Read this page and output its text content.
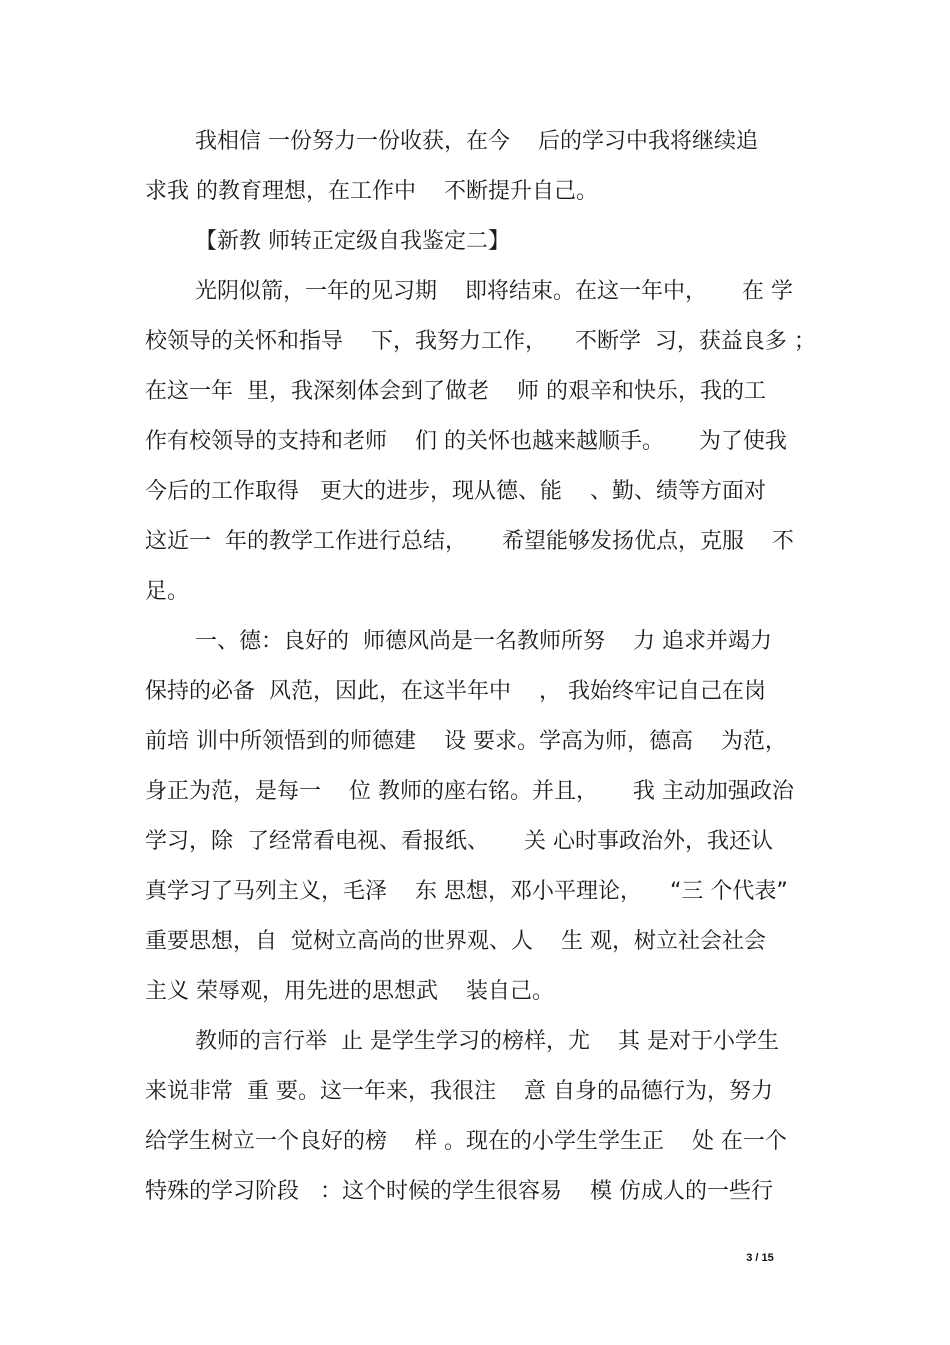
我相信 一份努力一份收获，在今    后的学习中我将继续追
求我 的教育理想，在工作中    不断提升自己。
【新教 师转正定级自我鉴定二】
光阴似箭，一年的见习期    即将结束。在这一年中，     在 学
校领导的关怀和指导    下，我努力工作，    不断学  习，获益良多 ；
在这一年  里，我深刻体会到了做老    师 的艰辛和快乐，我的工
作有校领导的支持和老师    们 的关怀也越来越顺手。     为了使我
今后的工作取得   更大的进步，现从德、能    、勤、绩等方面对
这近一  年的教学工作进行总结，     希望能够发扬优点，克服    不
足。
一、德：良好的  师德风尚是一名教师所努    力 追求并竭力
保持的必备  风范，因此，在这半年中    ， 我始终牢记自己在岗
前培 训中所领悟到的师德建    设 要求。学高为师，德高    为范，
身正为范，是每一    位 教师的座右铭。并且，     我 主动加强政治
学习，除  了经常看电视、看报纸、     关 心时事政治外，我还认
真学习了马列主义，毛泽    东 思想，邓小平理论，    “三 个代表”
重要思想，自  觉树立高尚的世界观、人    生 观，树立社会社会
主义 荣辱观，用先进的思想武    装自己。
教师的言行举  止 是学生学习的榜样，尤    其 是对于小学生
来说非常  重 要。这一年来，我很注    意 自身的品德行为，努力
给学生树立一个良好的榜    样 。现在的小学生学生正    处 在一个
特殊的学习阶段   ：这个时候的学生很容易    模 仿成人的一些行
3 / 15
